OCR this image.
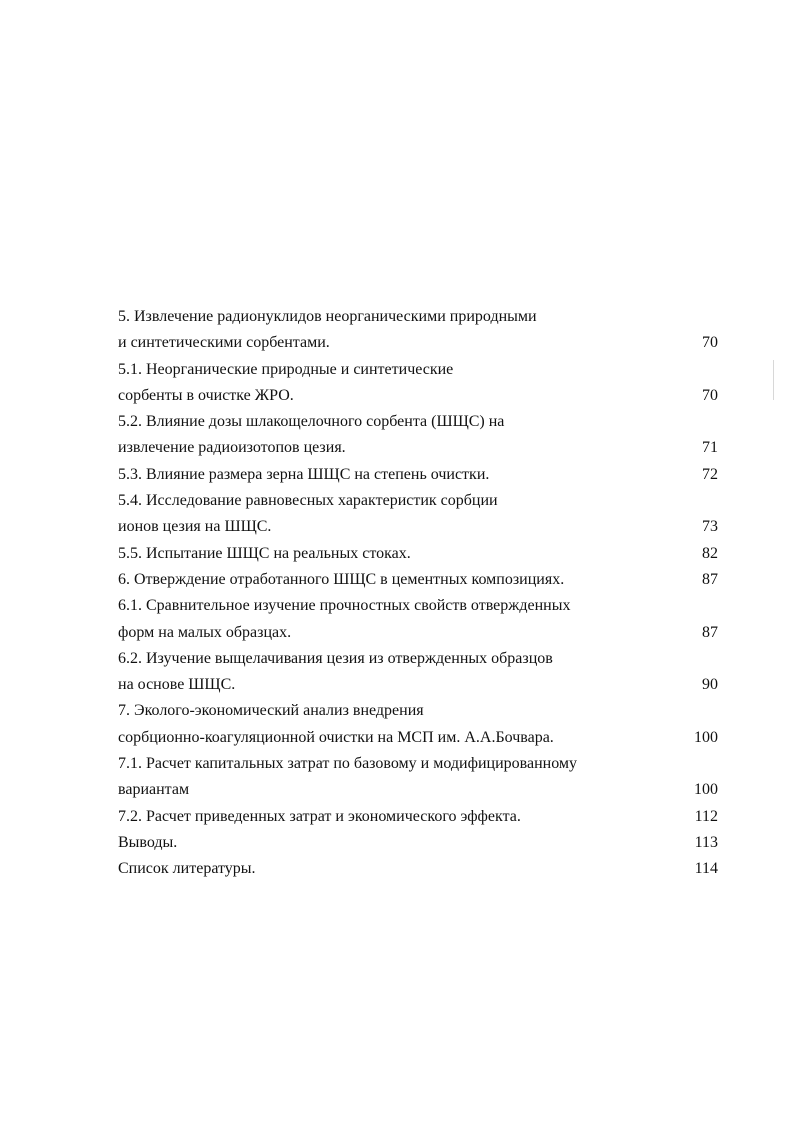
5. Извлечение радионуклидов неорганическими природными
и синтетическими сорбентами.	70
5.1. Неорганические природные и синтетические
сорбенты в очистке ЖРО.	70
5.2. Влияние дозы шлакощелочного сорбента (ШЩС) на
извлечение радиоизотопов цезия.	71
5.3. Влияние размера зерна ШЩС на степень очистки.	72
5.4. Исследование равновесных характеристик сорбции
ионов цезия на ШЩС.	73
5.5. Испытание ШЩС на реальных стоках.	82
6. Отверждение отработанного ШЩС в цементных композициях.	87
6.1. Сравнительное изучение прочностных свойств отвержденных
форм на малых образцах.	87
6.2. Изучение выщелачивания цезия из отвержденных образцов
на основе ШЩС.	90
7. Эколого-экономический анализ внедрения
сорбционно-коагуляционной очистки на МСП им. А.А.Бочвара.	100
7.1. Расчет капитальных затрат по базовому и модифицированному
вариантам	100
7.2. Расчет приведенных затрат и экономического эффекта.	112
Выводы.	113
Список литературы.	114
